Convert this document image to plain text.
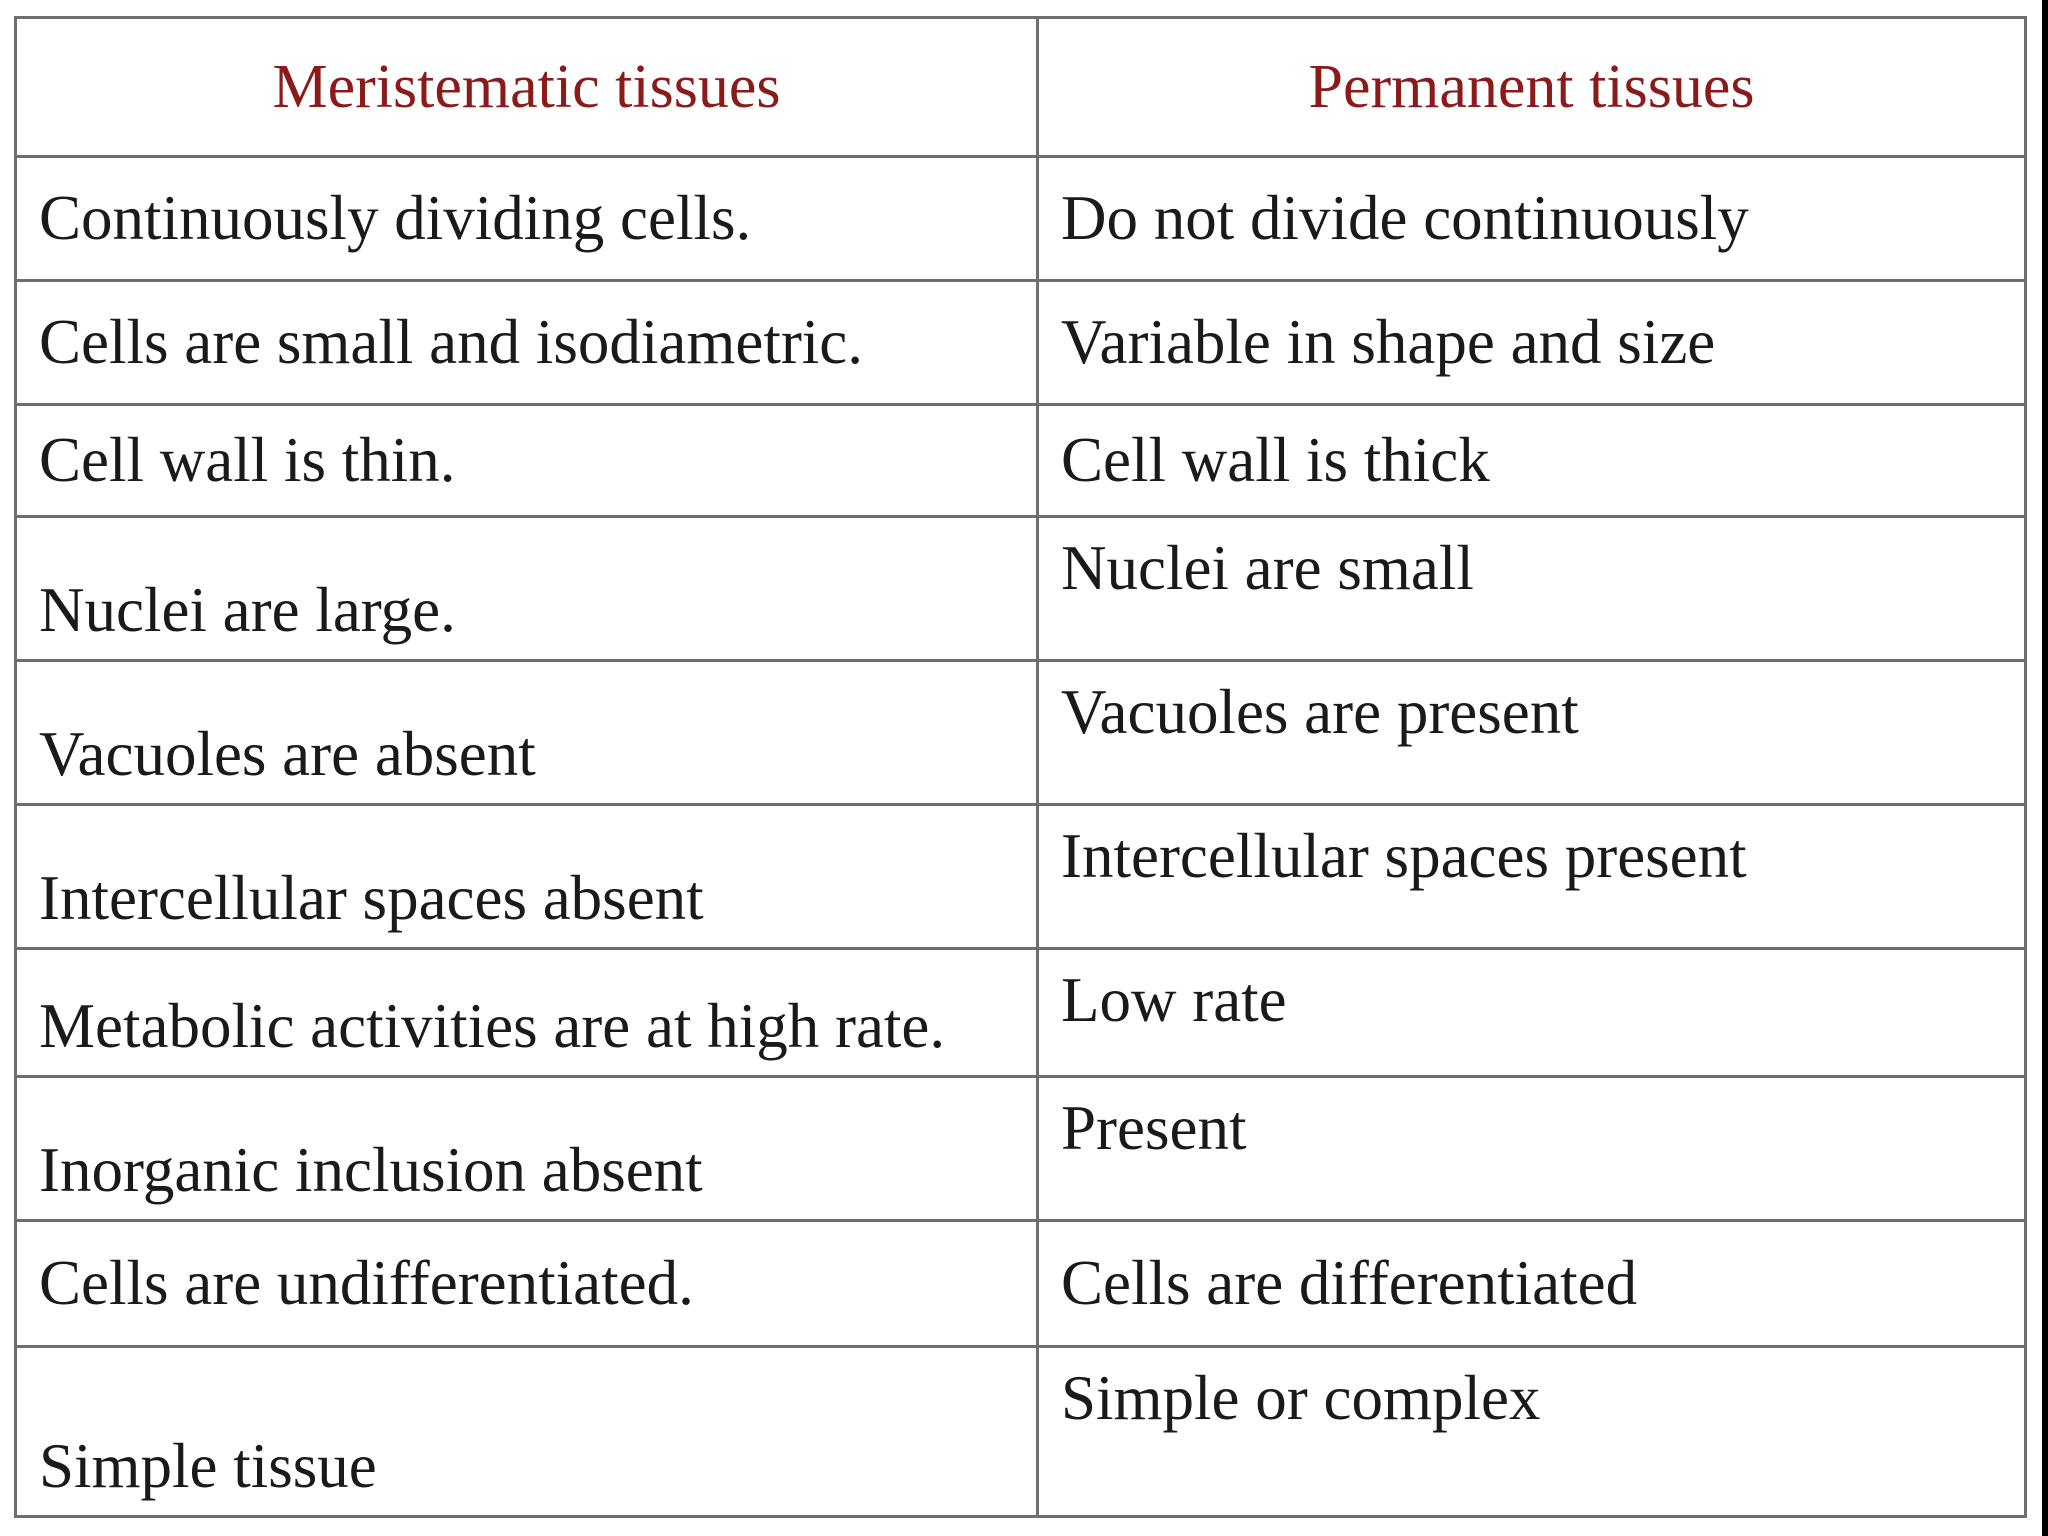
Meristematic tissues	Permanent tissues
Continuously dividing cells.	Do not divide continuously
Cells are small and isodiametric.	Variable in shape and size
Cell wall is thin.	Cell wall is thick
Nuclei are large.	Nuclei are small
Vacuoles are absent	Vacuoles are present
Intercellular spaces absent	Intercellular spaces present
Metabolic activities are at high rate.	Low rate
Inorganic inclusion absent	Present
Cells are undifferentiated.	Cells are differentiated
Simple tissue	Simple or complex
